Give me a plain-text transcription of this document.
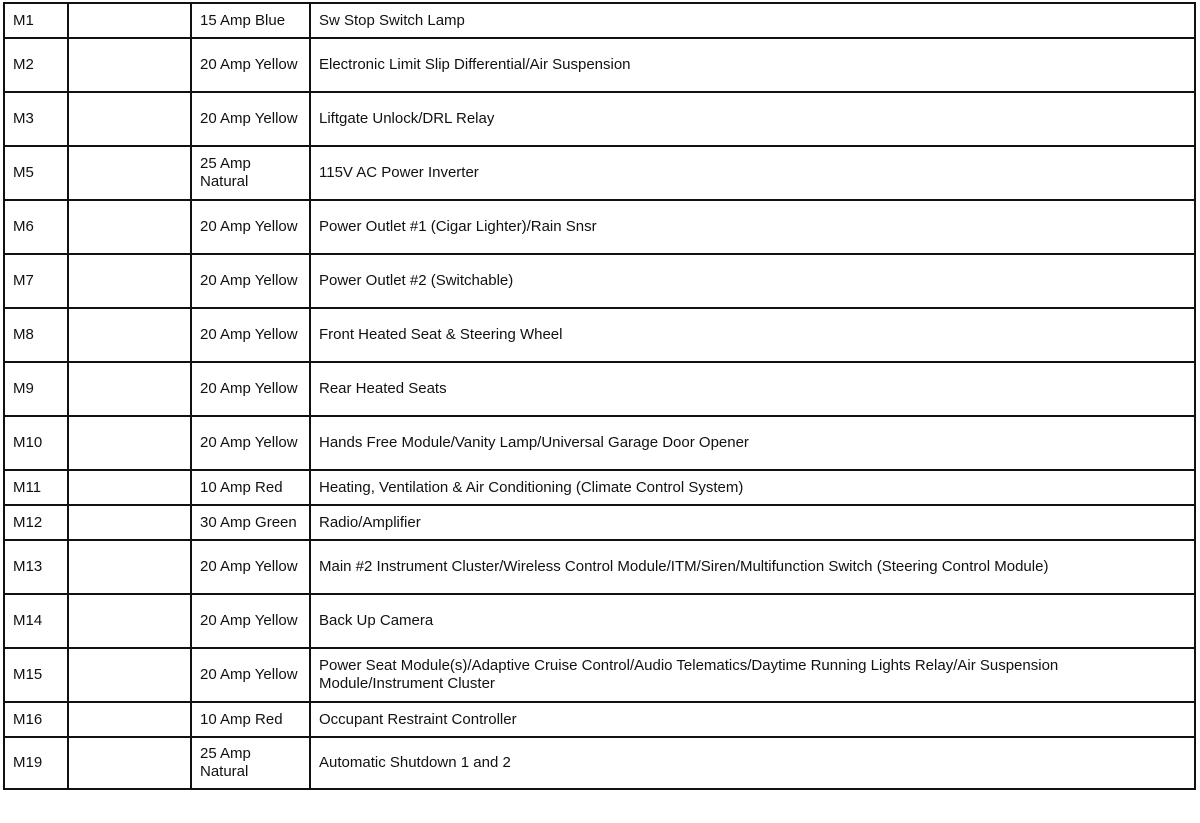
M1		15 Amp Blue	Sw Stop Switch Lamp
M2		20 Amp Yellow	Electronic Limit Slip Differential/Air Suspension
M3		20 Amp Yellow	Liftgate Unlock/DRL Relay
M5		25 Amp Natural	115V AC Power Inverter
M6		20 Amp Yellow	Power Outlet #1 (Cigar Lighter)/Rain Snsr
M7		20 Amp Yellow	Power Outlet #2 (Switchable)
M8		20 Amp Yellow	Front Heated Seat & Steering Wheel
M9		20 Amp Yellow	Rear Heated Seats
M10		20 Amp Yellow	Hands Free Module/Vanity Lamp/Universal Garage Door Opener
M11		10 Amp Red	Heating, Ventilation & Air Conditioning (Climate Control System)
M12		30 Amp Green	Radio/Amplifier
M13		20 Amp Yellow	Main #2 Instrument Cluster/Wireless Control Module/ITM/Siren/Multifunction Switch (Steering Control Module)
M14		20 Amp Yellow	Back Up Camera
M15		20 Amp Yellow	Power Seat Module(s)/Adaptive Cruise Control/Audio Telematics/Daytime Running Lights Relay/Air Suspension Module/Instrument Cluster
M16		10 Amp Red	Occupant Restraint Controller
M19		25 Amp Natural	Automatic Shutdown 1 and 2
